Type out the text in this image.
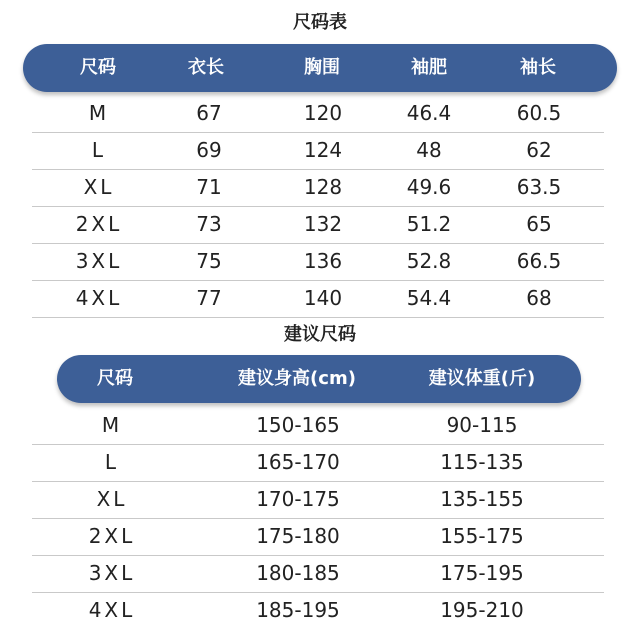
尺码表
尺码	衣长	胸围	袖肥	袖长
M	67	120	46.4	60.5
L	69	124	48	62
XL	71	128	49.6	63.5
2XL	73	132	51.2	65
3XL	75	136	52.8	66.5
4XL	77	140	54.4	68
建议尺码
尺码	建议身高(cm)	建议体重(斤)
M	150-165	90-115
L	165-170	115-135
XL	170-175	135-155
2XL	175-180	155-175
3XL	180-185	175-195
4XL	185-195	195-210
